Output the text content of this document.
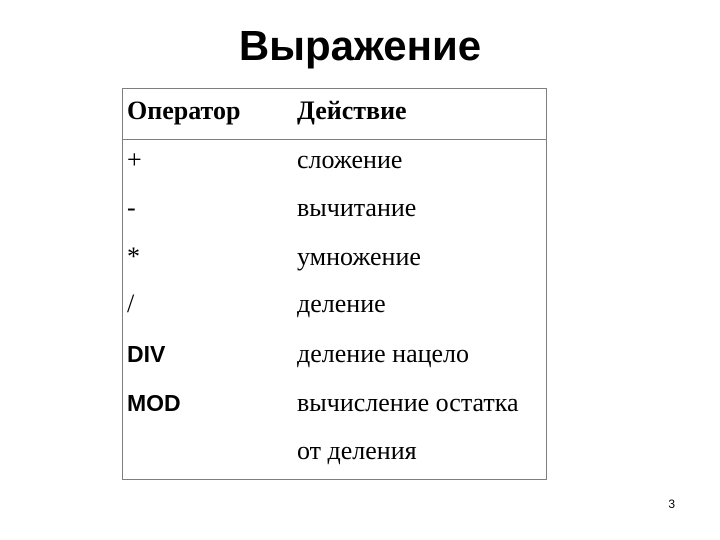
Выражение
Оператор Действие
+	сложение
-	вычитание
*	умножение
/	деление
DIV	деление нацело
MOD	вычисление остатка
от деления
3
